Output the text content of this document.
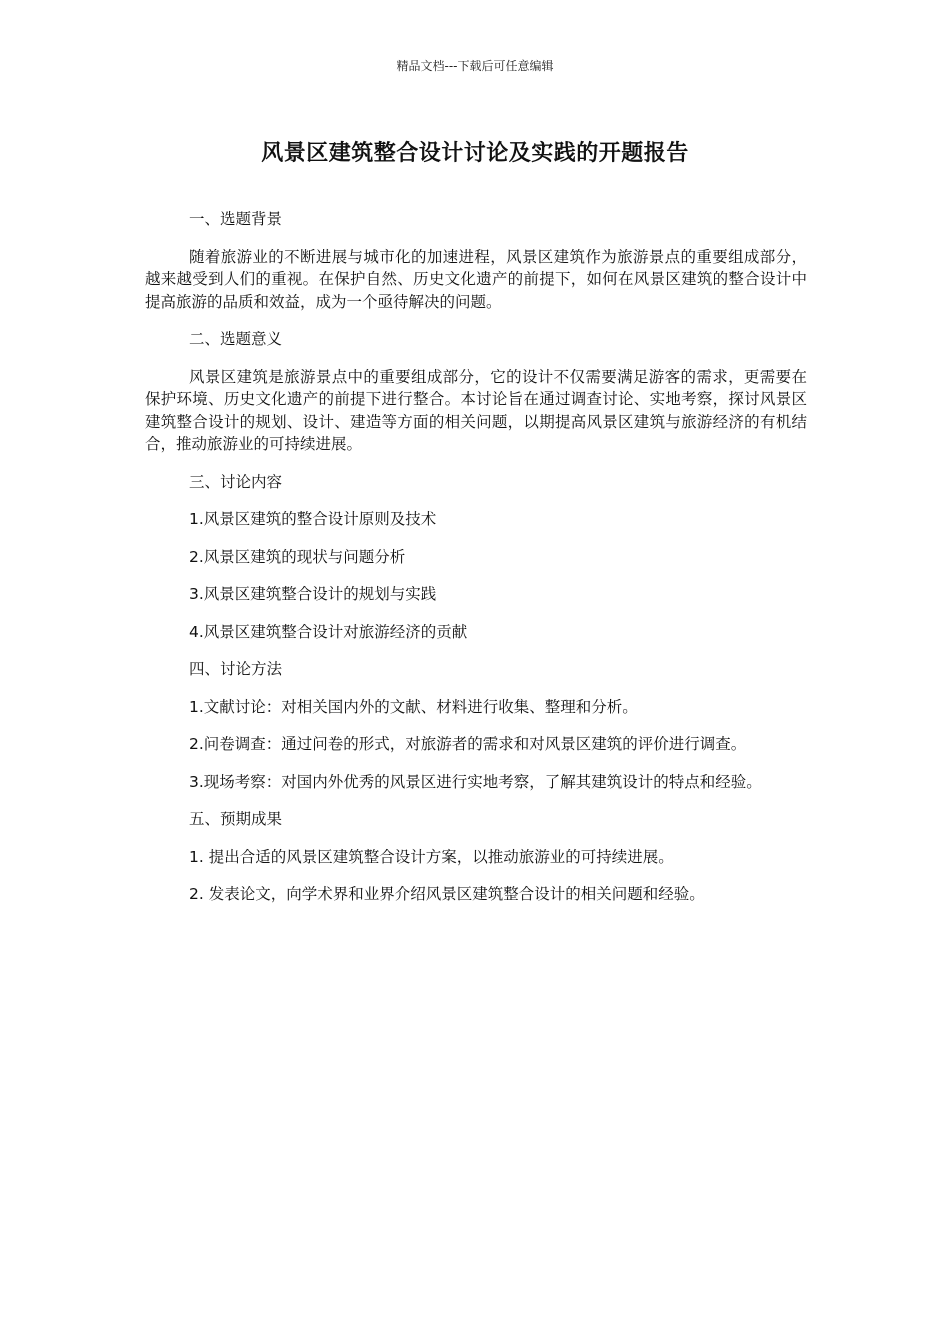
精品文档---下载后可任意编辑
风景区建筑整合设计讨论及实践的开题报告

一、选题背景

随着旅游业的不断进展与城市化的加速进程，风景区建筑作为旅游景点的重要组成部分，越来越受到人们的重视。在保护自然、历史文化遗产的前提下，如何在风景区建筑的整合设计中提高旅游的品质和效益，成为一个亟待解决的问题。

二、选题意义

风景区建筑是旅游景点中的重要组成部分，它的设计不仅需要满足游客的需求，更需要在保护环境、历史文化遗产的前提下进行整合。本讨论旨在通过调查讨论、实地考察，探讨风景区建筑整合设计的规划、设计、建造等方面的相关问题，以期提高风景区建筑与旅游经济的有机结合，推动旅游业的可持续进展。

三、讨论内容

1.风景区建筑的整合设计原则及技术

2.风景区建筑的现状与问题分析

3.风景区建筑整合设计的规划与实践

4.风景区建筑整合设计对旅游经济的贡献

四、讨论方法

1.文献讨论：对相关国内外的文献、材料进行收集、整理和分析。

2.问卷调查：通过问卷的形式，对旅游者的需求和对风景区建筑的评价进行调查。

3.现场考察：对国内外优秀的风景区进行实地考察，了解其建筑设计的特点和经验。

五、预期成果

1. 提出合适的风景区建筑整合设计方案，以推动旅游业的可持续进展。

2. 发表论文，向学术界和业界介绍风景区建筑整合设计的相关问题和经验。
